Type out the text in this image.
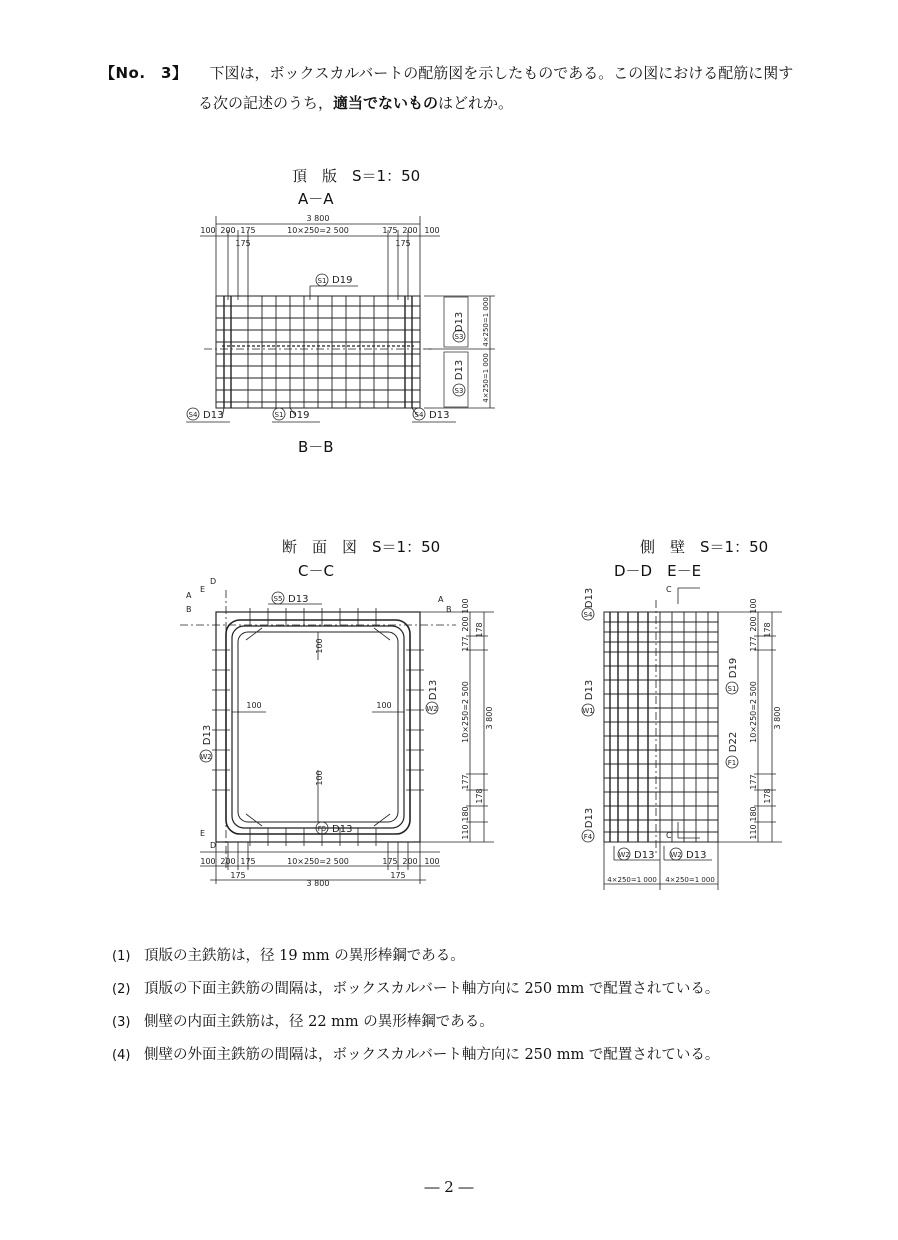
【No.　3】 下図は，ボックスカルバートの配筋図を示したものである。この図における配筋に関す
る次の記述のうち，適当でないものはどれか。
頂　版　S＝1：50
A－A
B－B
3 800
100 200 175	10×250=2 500	175 200 100
175	175
S1 D19
S4 D13	S1 D19	S4 D13
D13
S3
D13
S3
4×250=1 000
4×250=1 000
S5 D13
F5 D13
D13
W2
D13
W2
100	100
100
100
A
B
D
E
A
B
E
D
100 200 175	10×250=2 500	175 200 100
175
3 800
175
100
200 178
177
10×250=2 500
177
178
180
110
3 800
D13
S4
D19
S1
D13
W1
D22
F1
D13
F4
W2 D13 W2 D13
C
C
4×250=1 000 4×250=1 000
100
200 178
177
10×250=2 500
177
178
180
110
3 800
断　面　図　S＝1：50
C－C
側　壁　S＝1：50
D－D　E－E
(1) 頂版の主鉄筋は，径 19 mm の異形棒鋼である。
(2) 頂版の下面主鉄筋の間隔は，ボックスカルバート軸方向に 250 mm で配置されている。
(3) 側壁の内面主鉄筋は，径 22 mm の異形棒鋼である。
(4) 側壁の外面主鉄筋の間隔は，ボックスカルバート軸方向に 250 mm で配置されている。
― 2 ―
